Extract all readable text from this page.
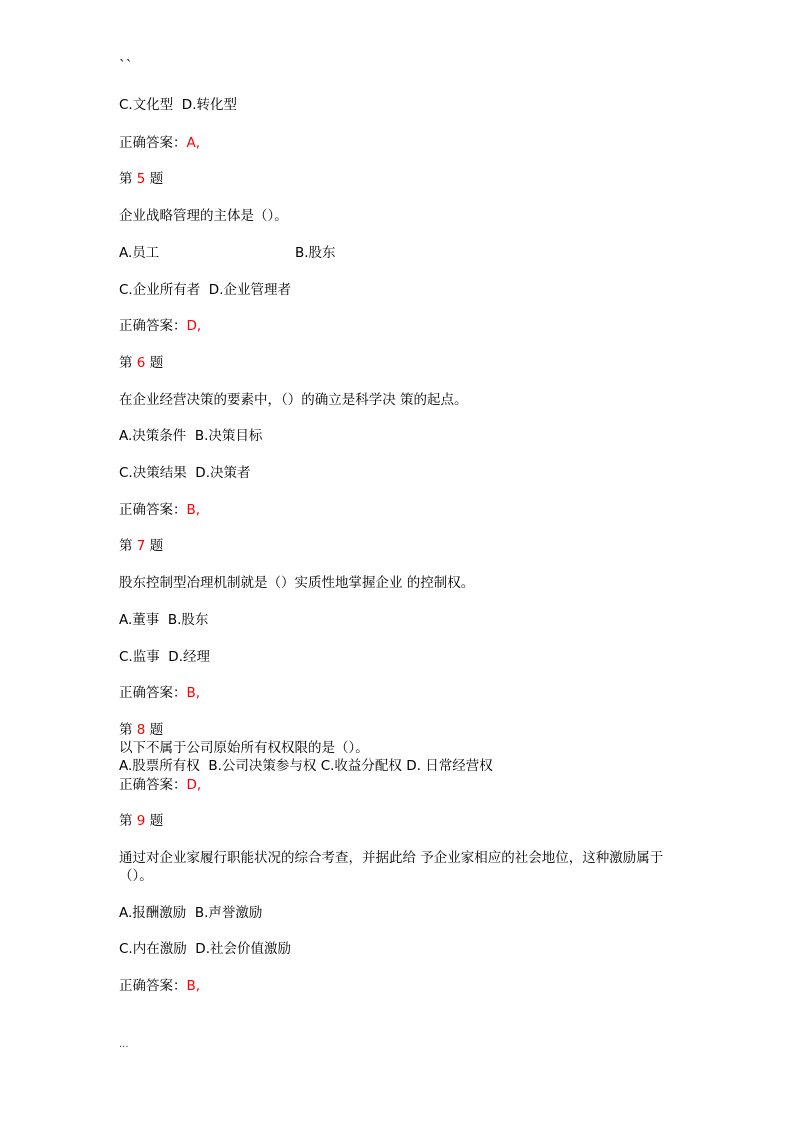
``
C.文化型  D.转化型
正确答案：A,
第 5 题
企业战略管理的主体是（）。
A.员工	B.股东
C.企业所有者  D.企业管理者
正确答案：D,
第 6 题
在企业经营决策的要素中，（）的确立是科学决 策的起点。
A.决策条件  B.决策目标
C.决策结果  D.决策者
正确答案：B,
第 7 题
股东控制型冶理机制就是（）实质性地掌握企业 的控制权。
A.董事  B.股东
C.监事  D.经理
正确答案：B,
第 8 题
以下不属于公司原始所有权权限的是（）。
A.股票所有权  B.公司决策参与权 C.收益分配权 D. 日常经营权
正确答案：D,
第 9 题
通过对企业家履行职能状况的综合考查，并据此给 予企业家相应的社会地位，这种激励属于（）。
A.报酬激励  B.声誉激励
C.内在激励  D.社会价值激励
正确答案：B,
...
